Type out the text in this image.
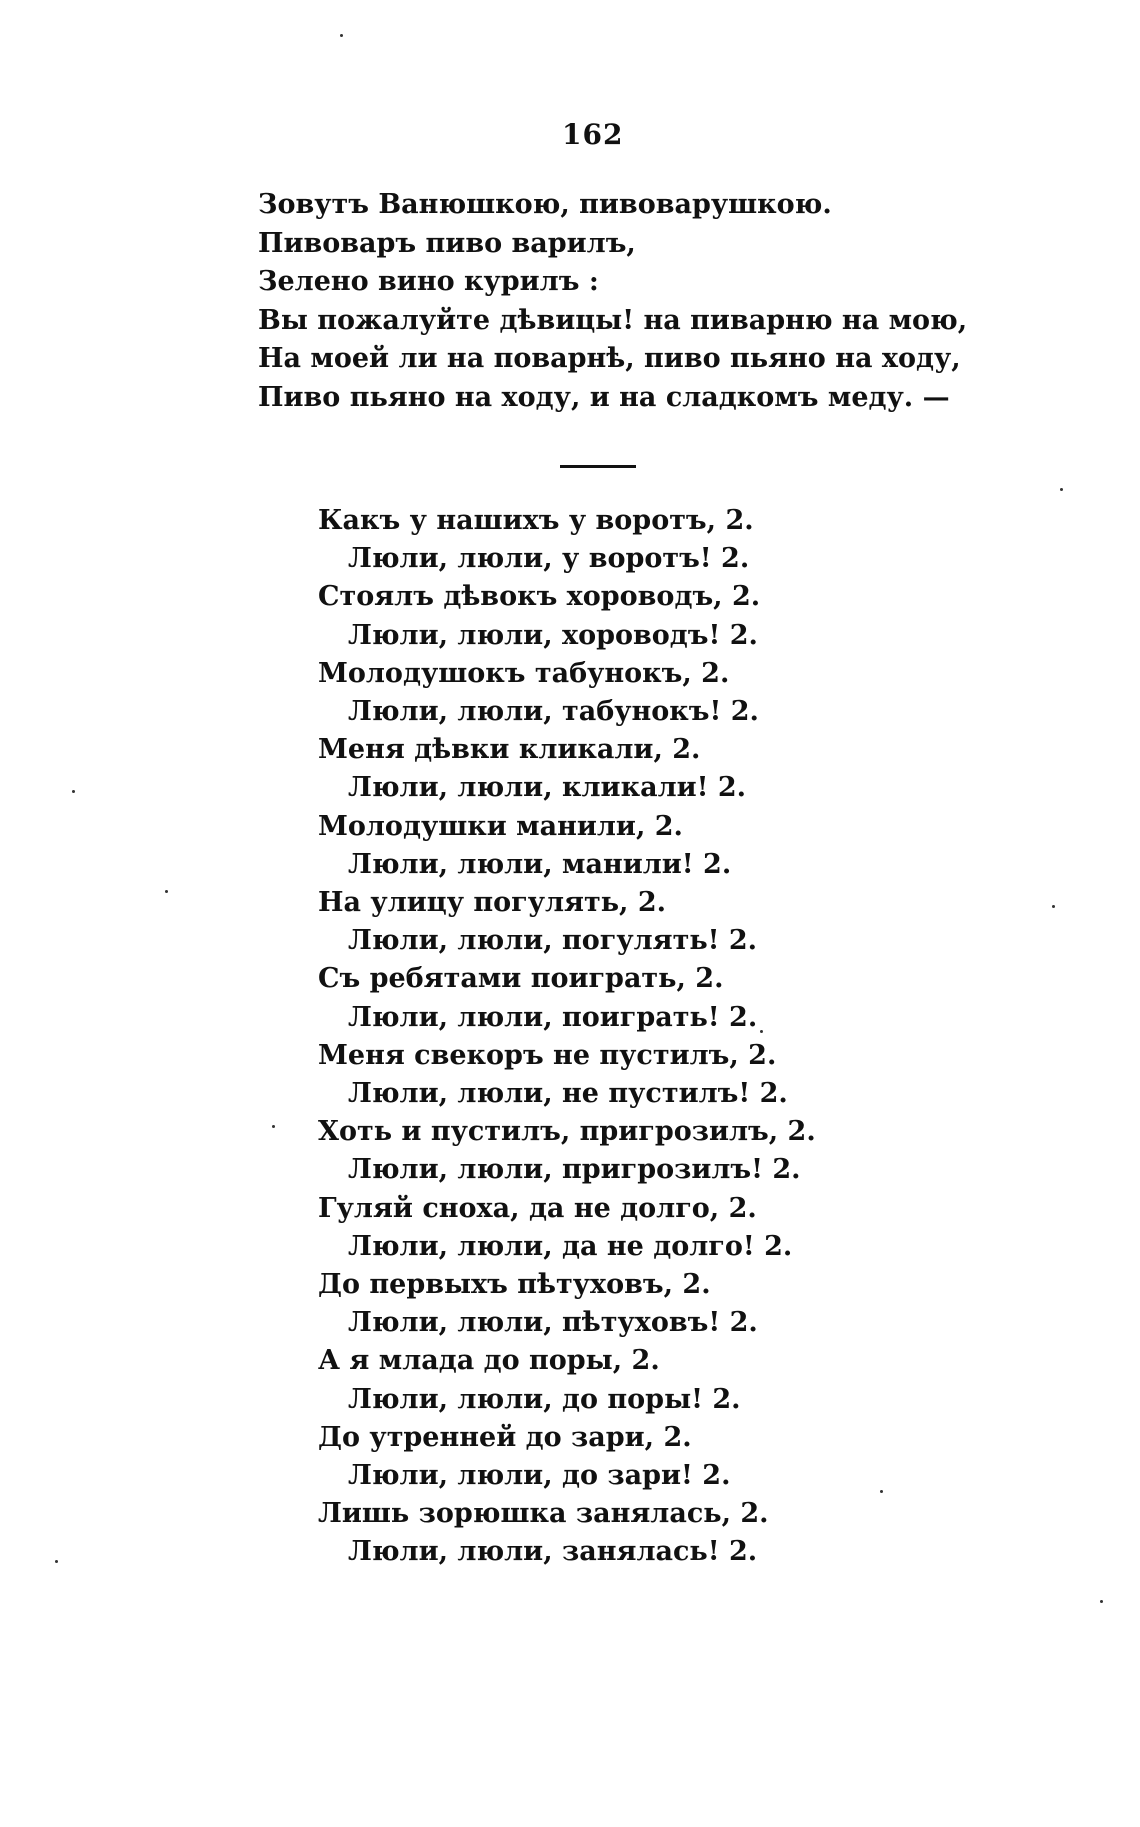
162
Зовутъ Ванюшкою, пивоварушкою.
Пивоваръ пиво варилъ,
Зелено вино курилъ :
Вы пожалуйте дѣвицы! на пиварню на мою,
На моей ли на поварнѣ, пиво пьяно на ходу,
Пиво пьяно на ходу, и на сладкомъ меду. —
Какъ у нашихъ у воротъ, 2.
Люли, люли, у воротъ! 2.
Стоялъ дѣвокъ хороводъ, 2.
Люли, люли, хороводъ! 2.
Молодушокъ табунокъ, 2.
Люли, люли, табунокъ! 2.
Меня дѣвки кликали, 2.
Люли, люли, кликали! 2.
Молодушки манили, 2.
Люли, люли, манили! 2.
На улицу погулять, 2.
Люли, люли, погулять! 2.
Съ ребятами поиграть, 2.
Люли, люли, поиграть! 2.
Меня свекоръ не пустилъ, 2.
Люли, люли, не пустилъ! 2.
Хоть и пустилъ, пригрозилъ, 2.
Люли, люли, пригрозилъ! 2.
Гуляй сноха, да не долго, 2.
Люли, люли, да не долго! 2.
До первыхъ пѣтуховъ, 2.
Люли, люли, пѣтуховъ! 2.
А я млада до поры, 2.
Люли, люли, до поры! 2.
До утренней до зари, 2.
Люли, люли, до зари! 2.
Лишь зорюшка занялась, 2.
Люли, люли, занялась! 2.
